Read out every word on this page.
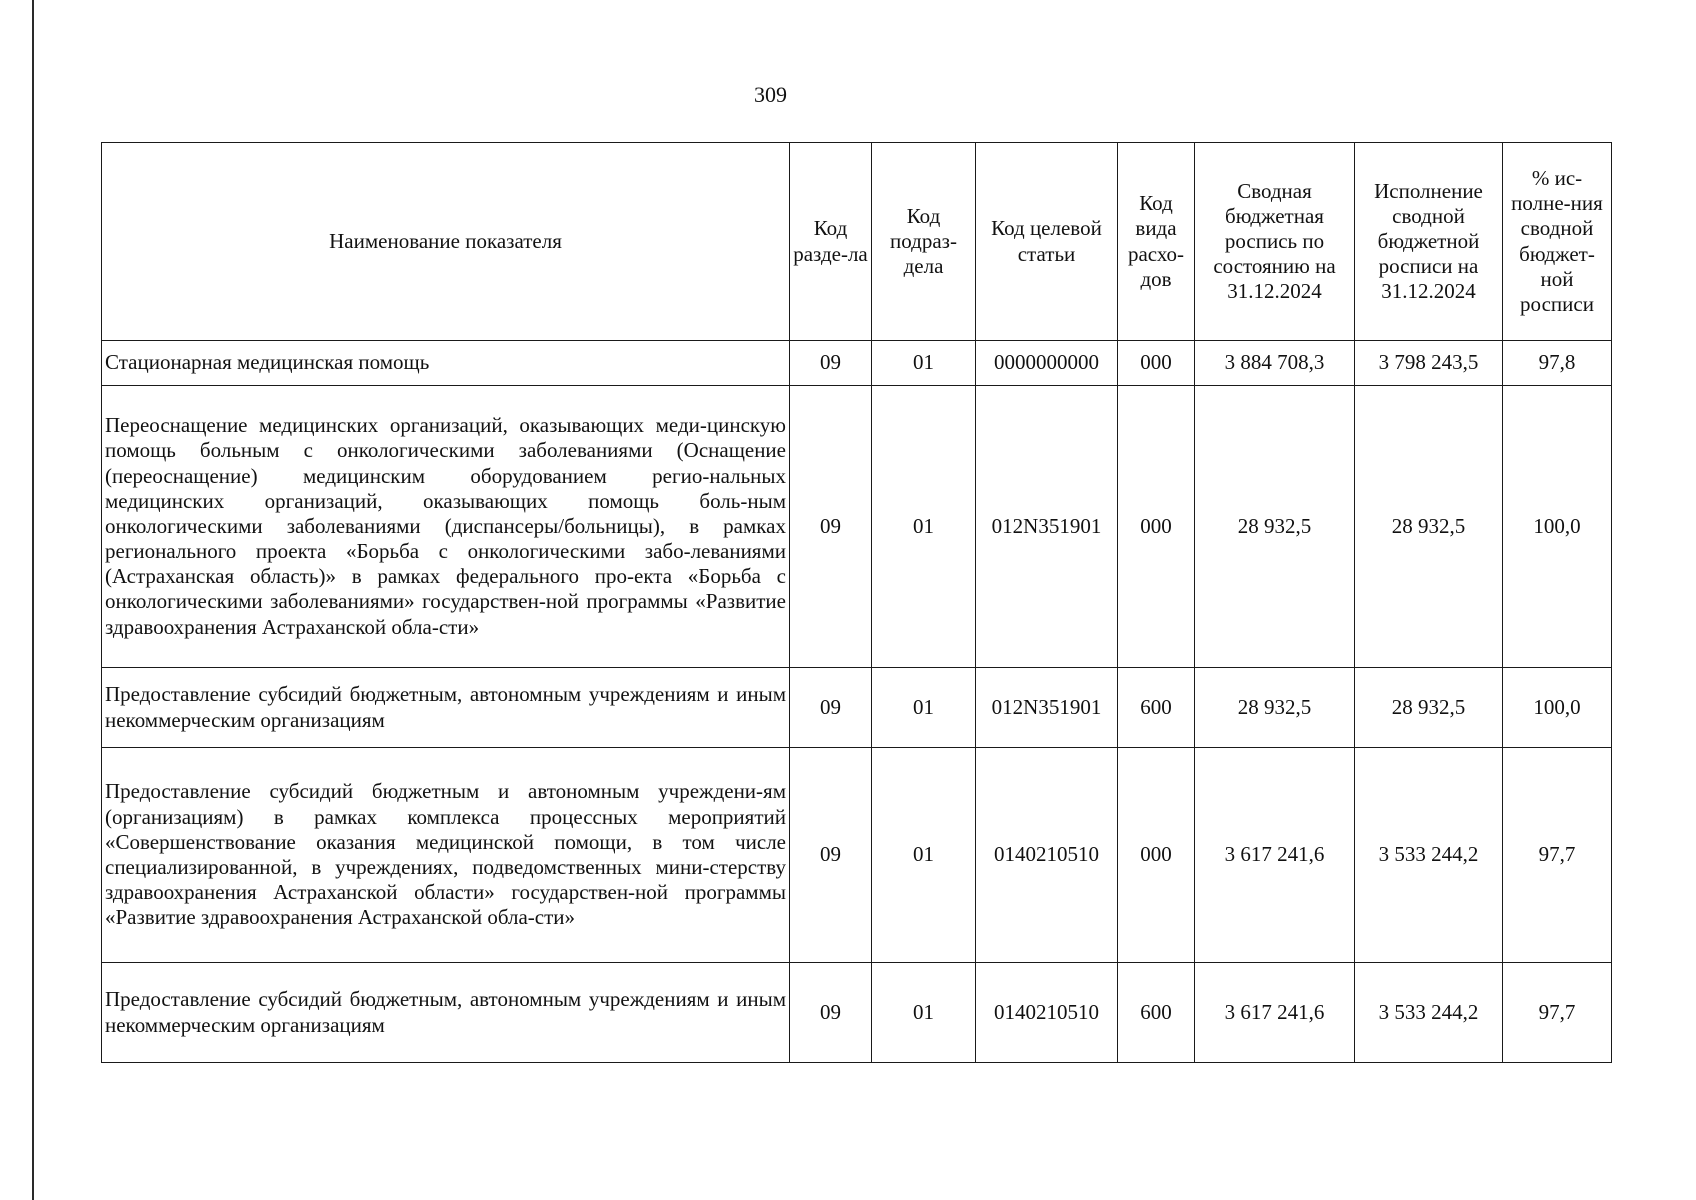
309
Наименование показателя	Код разде-ла	Код подраз-дела	Код целевой статьи	Код вида расхо-дов	Сводная бюджетная роспись по состоянию на 31.12.2024	Исполнение сводной бюджетной росписи на 31.12.2024	% ис-полне-ния сводной бюджет-ной росписи
Стационарная медицинская помощь	09	01	0000000000	000	3 884 708,3	3 798 243,5	97,8
Переоснащение медицинских организаций, оказывающих меди-цинскую помощь больным с онкологическими заболеваниями (Оснащение (переоснащение) медицинским оборудованием регио-нальных медицинских организаций, оказывающих помощь боль-ным онкологическими заболеваниями (диспансеры/больницы), в рамках регионального проекта «Борьба с онкологическими забо-леваниями (Астраханская область)» в рамках федерального про-екта «Борьба с онкологическими заболеваниями» государствен-ной программы «Развитие здравоохранения Астраханской обла-сти»	09	01	012N351901	000	28 932,5	28 932,5	100,0
Предоставление субсидий бюджетным, автономным учреждениям и иным некоммерческим организациям	09	01	012N351901	600	28 932,5	28 932,5	100,0
Предоставление субсидий бюджетным и автономным учреждени-ям (организациям) в рамках комплекса процессных мероприятий «Совершенствование оказания медицинской помощи, в том числе специализированной, в учреждениях, подведомственных мини-стерству здравоохранения Астраханской области» государствен-ной программы «Развитие здравоохранения Астраханской обла-сти»	09	01	0140210510	000	3 617 241,6	3 533 244,2	97,7
Предоставление субсидий бюджетным, автономным учреждениям и иным некоммерческим организациям	09	01	0140210510	600	3 617 241,6	3 533 244,2	97,7
